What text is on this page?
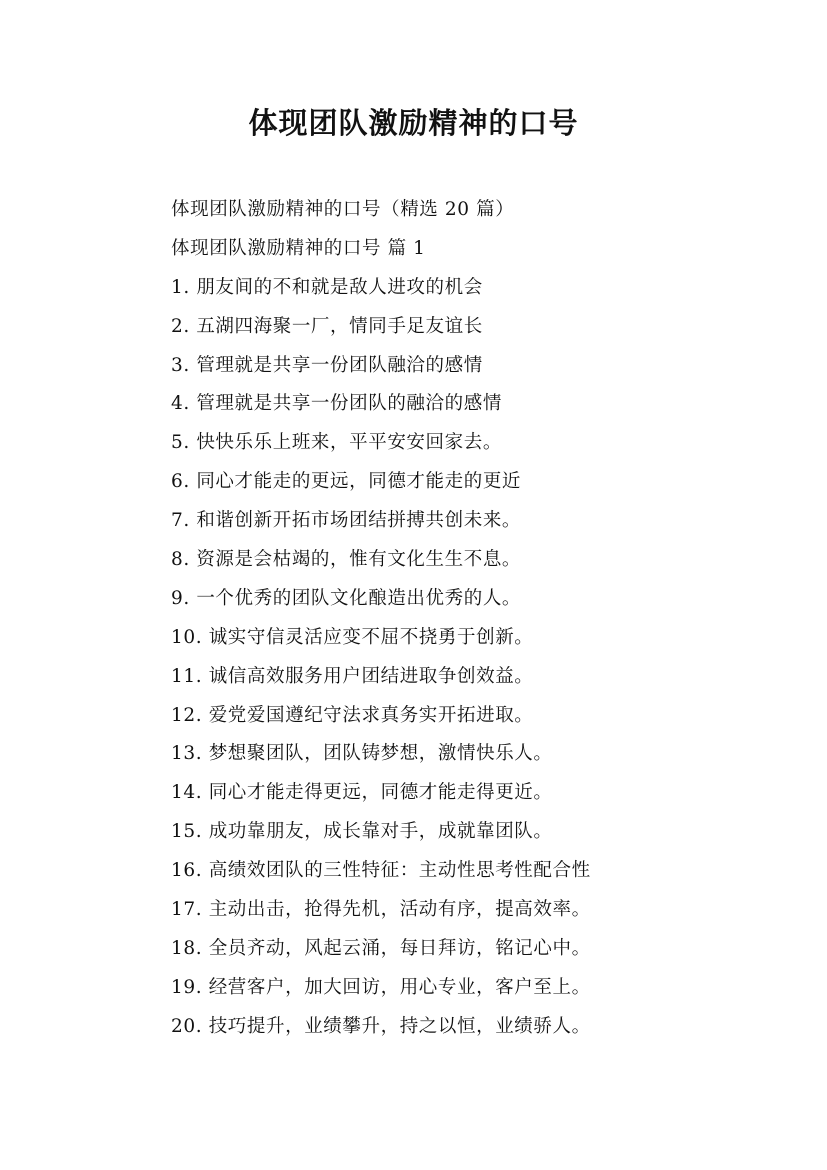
体现团队激励精神的口号
体现团队激励精神的口号（精选 20 篇）
体现团队激励精神的口号 篇 1
1. 朋友间的不和就是敌人进攻的机会
2. 五湖四海聚一厂，情同手足友谊长
3. 管理就是共享一份团队融洽的感情
4. 管理就是共享一份团队的融洽的感情
5. 快快乐乐上班来，平平安安回家去。
6. 同心才能走的更远，同德才能走的更近
7. 和谐创新开拓市场团结拼搏共创未来。
8. 资源是会枯竭的，惟有文化生生不息。
9. 一个优秀的团队文化酿造出优秀的人。
10. 诚实守信灵活应变不屈不挠勇于创新。
11. 诚信高效服务用户团结进取争创效益。
12. 爱党爱国遵纪守法求真务实开拓进取。
13. 梦想聚团队，团队铸梦想，激情快乐人。
14. 同心才能走得更远，同德才能走得更近。
15. 成功靠朋友，成长靠对手，成就靠团队。
16. 高绩效团队的三性特征：主动性思考性配合性
17. 主动出击，抢得先机，活动有序，提高效率。
18. 全员齐动，风起云涌，每日拜访，铭记心中。
19. 经营客户，加大回访，用心专业，客户至上。
20. 技巧提升，业绩攀升，持之以恒，业绩骄人。
